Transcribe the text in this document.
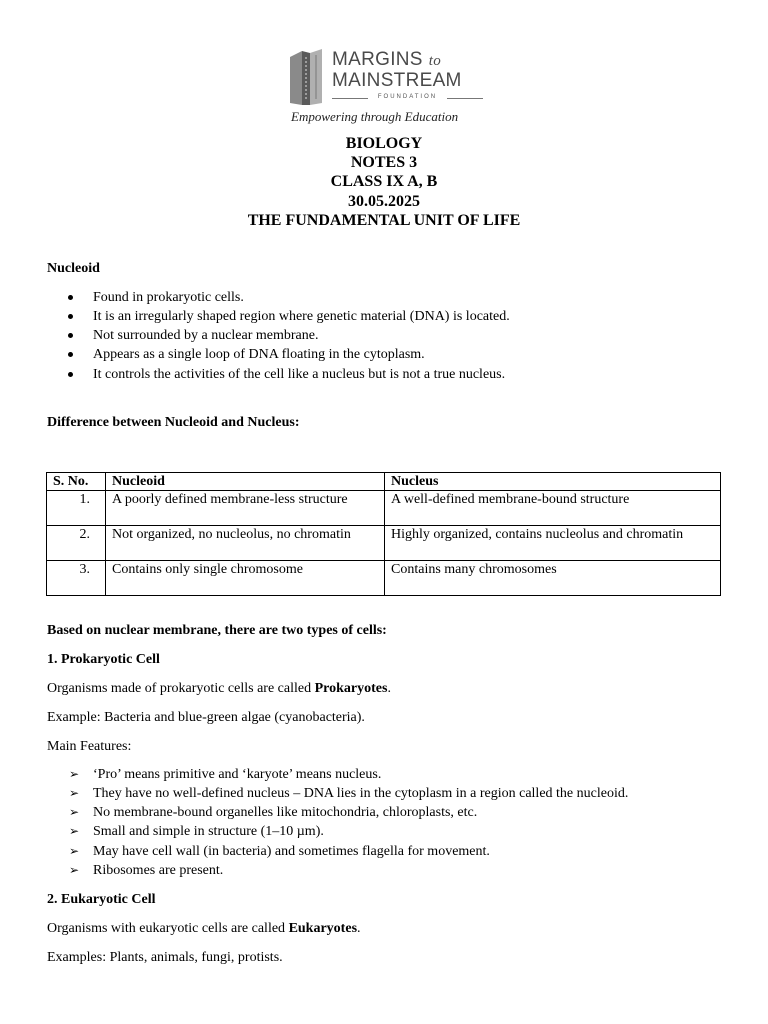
MARGINS to
MAINSTREAM
FOUNDATION
Empowering through Education
BIOLOGY
NOTES 3
CLASS IX A, B
30.05.2025
THE FUNDAMENTAL UNIT OF LIFE
Nucleoid
Found in prokaryotic cells.
It is an irregularly shaped region where genetic material (DNA) is located.
Not surrounded by a nuclear membrane.
Appears as a single loop of DNA floating in the cytoplasm.
It controls the activities of the cell like a nucleus but is not a true nucleus.
Difference between Nucleoid and Nucleus:
S. No.	Nucleoid	Nucleus
1.	A poorly defined membrane-less structure	A well-defined membrane-bound structure
2.	Not organized, no nucleolus, no chromatin	Highly organized, contains nucleolus and chromatin
3.	Contains only single chromosome	Contains many chromosomes
Based on nuclear membrane, there are two types of cells:
1. Prokaryotic Cell
Organisms made of prokaryotic cells are called Prokaryotes.
Example: Bacteria and blue-green algae (cyanobacteria).
Main Features:
➢ ‘Pro’ means primitive and ‘karyote’ means nucleus.
➢ They have no well-defined nucleus – DNA lies in the cytoplasm in a region called the nucleoid.
➢ No membrane-bound organelles like mitochondria, chloroplasts, etc.
➢ Small and simple in structure (1–10 µm).
➢ May have cell wall (in bacteria) and sometimes flagella for movement.
➢ Ribosomes are present.
2. Eukaryotic Cell
Organisms with eukaryotic cells are called Eukaryotes.
Examples: Plants, animals, fungi, protists.
